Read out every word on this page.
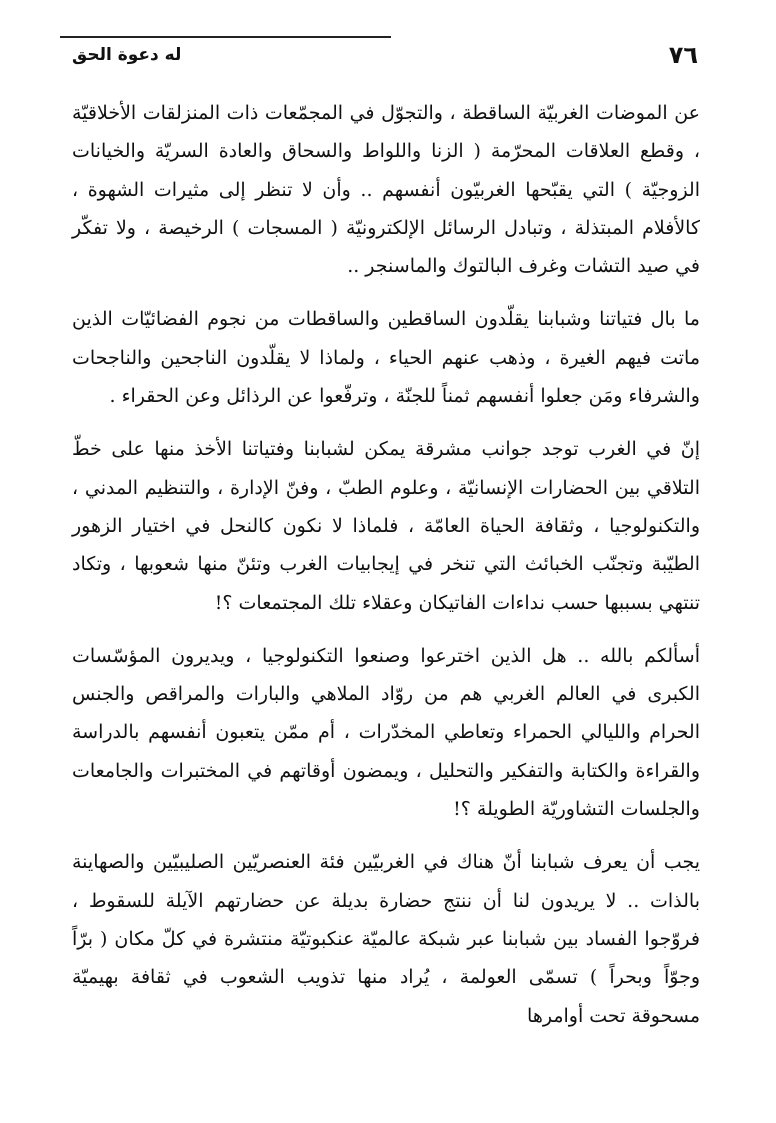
٧٦
له دعوة الحق

عن الموضات الغربيّة الساقطة ، والتجوّل في المجمّعات ذات المنزلقات الأخلاقيّة ، وقطع العلاقات المحرّمة ( الزنا واللواط والسحاق والعادة السريّة والخيانات الزوجيّة ) التي يقبّحها الغربيّون أنفسهم .. وأن لا تنظر إلى مثيرات الشهوة ، كالأفلام المبتذلة ، وتبادل الرسائل الإلكترونيّة ( المسجات ) الرخيصة ، ولا تفكّر في صيد التشات وغرف البالتوك والماسنجر ..

ما بال فتياتنا وشبابنا يقلّدون الساقطين والساقطات من نجوم الفضائيّات الذين ماتت فيهم الغيرة ، وذهب عنهم الحياء ، ولماذا لا يقلّدون الناجحين والناجحات والشرفاء ومَن جعلوا أنفسهم ثمناً للجنّة ، وترفّعوا عن الرذائل وعن الحقراء .

إنّ في الغرب توجد جوانب مشرقة يمكن لشبابنا وفتياتنا الأخذ منها على خطّ التلاقي بين الحضارات الإنسانيّة ، وعلوم الطبّ ، وفنّ الإدارة ، والتنظيم المدني ، والتكنولوجيا ، وثقافة الحياة العامّة ، فلماذا لا نكون كالنحل في اختيار الزهور الطيّبة وتجنّب الخبائث التي تنخر في إيجابيات الغرب وتئنّ منها شعوبها ، وتكاد تنتهي بسببها حسب نداءات الفاتيكان وعقلاء تلك المجتمعات ؟!

أسألكم بالله .. هل الذين اخترعوا وصنعوا التكنولوجيا ، ويديرون المؤسّسات الكبرى في العالم الغربي هم من روّاد الملاهي والبارات والمراقص والجنس الحرام والليالي الحمراء وتعاطي المخدّرات ، أم ممّن يتعبون أنفسهم بالدراسة والقراءة والكتابة والتفكير والتحليل ، ويمضون أوقاتهم في المختبرات والجامعات والجلسات التشاوريّة الطويلة ؟!

يجب أن يعرف شبابنا أنّ هناك في الغربيّين فئة العنصريّين الصليبيّين والصهاينة بالذات .. لا يريدون لنا أن ننتج حضارة بديلة عن حضارتهم الآيلة للسقوط ، فروّجوا الفساد بين شبابنا عبر شبكة عالميّة عنكبوتيّة منتشرة في كلّ مكان ( برّاً وجوّاً وبحراً ) تسمّى العولمة ، يُراد منها تذويب الشعوب في ثقافة بهيميّة مسحوقة تحت أوامرها
